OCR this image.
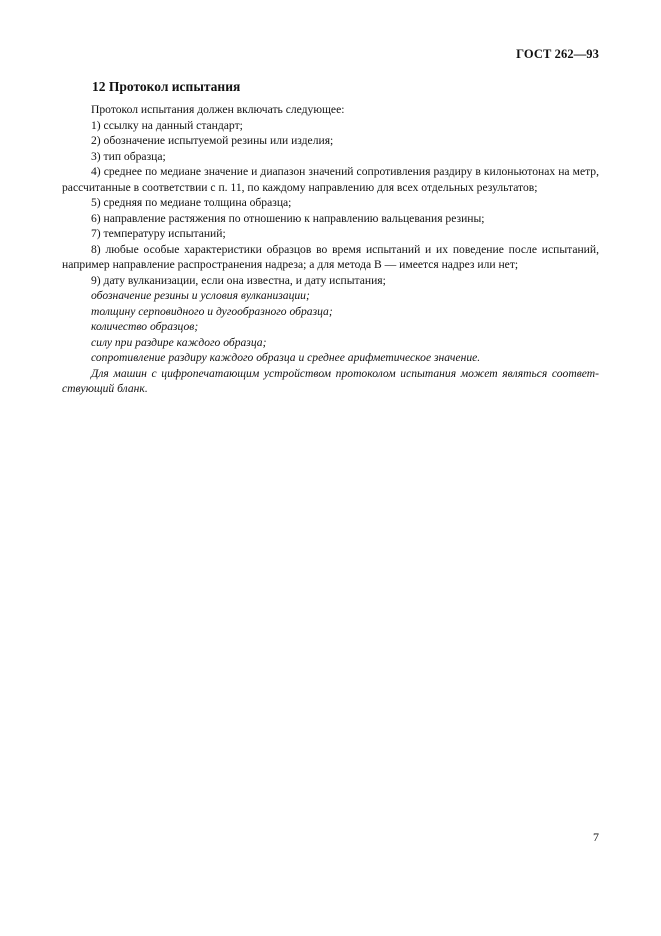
ГОСТ 262—93
12 Протокол испытания

Протокол испытания должен включать следующее:

1) ссылку на данный стандарт;

2) обозначение испытуемой резины или изделия;

3) тип образца;

4) среднее по медиане значение и диапазон значений сопротивления раздиру в килоньютонах на метр, рассчитанные в соответствии с п. 11, по каждому направлению для всех отдельных результатов;

5) средняя по медиане толщина образца;

6) направление растяжения по отношению к направлению вальцевания резины;

7) температуру испытаний;

8) любые особые характеристики образцов во время испытаний и их поведение после испытаний, например направление распространения надреза; а для метода В — имеется надрез или нет;

9) дату вулканизации, если она известна, и дату испытания;

обозначение резины и условия вулканизации;

толщину серповидного и дугообразного образца;

количество образцов;

силу при раздире каждого образца;

сопротивление раздиру каждого образца и среднее арифметическое значение.

Для машин с цифропечатающим устройством протоколом испытания может являться соответствующий бланк.

7
